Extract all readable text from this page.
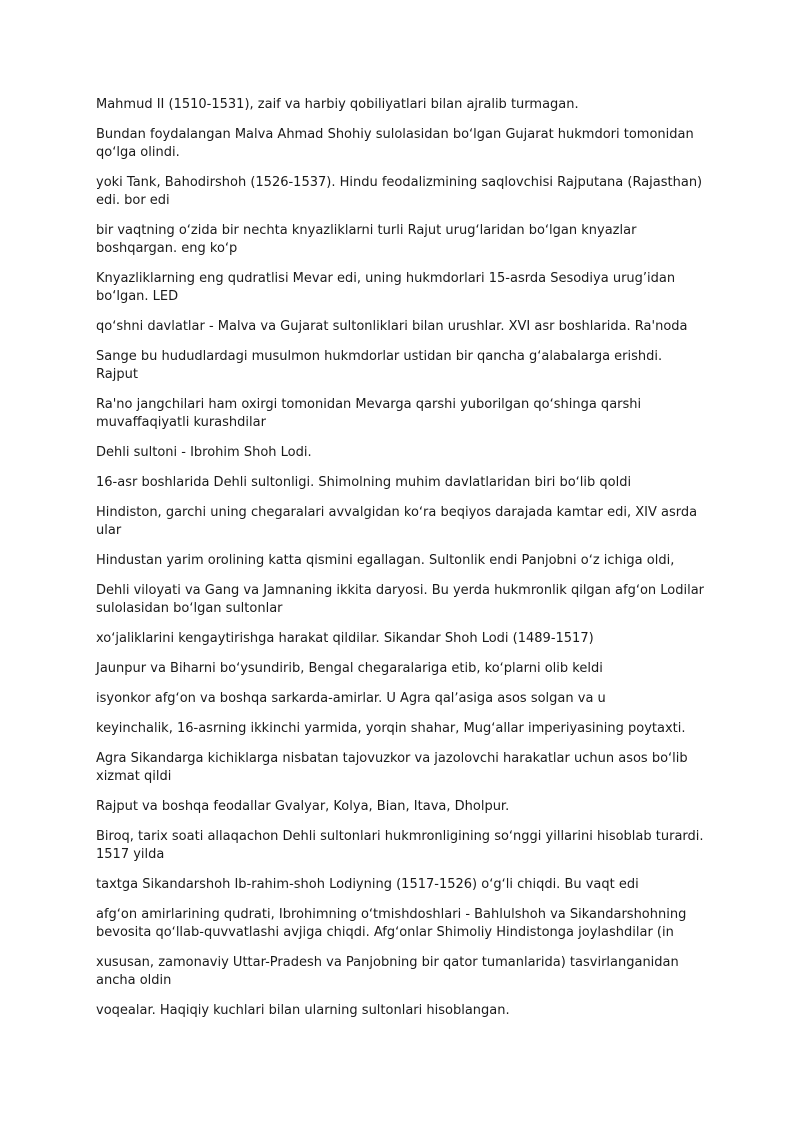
Mahmud II (1510-1531), zaif va harbiy qobiliyatlari bilan ajralib turmagan.

Bundan foydalangan Malva Ahmad Shohiy sulolasidan boʻlgan Gujarat hukmdori tomonidan qoʻlga olindi.

yoki Tank, Bahodirshoh (1526-1537). Hindu feodalizmining saqlovchisi Rajputana (Rajasthan) edi. bor edi

bir vaqtning oʻzida bir nechta knyazliklarni turli Rajut urugʻlaridan boʻlgan knyazlar boshqargan. eng koʻp

Knyazliklarning eng qudratlisi Mevar edi, uning hukmdorlari 15-asrda Sesodiya urug’idan bo‘lgan. LED

qoʻshni davlatlar - Malva va Gujarat sultonliklari bilan urushlar. XVI asr boshlarida. Ra'noda

Sange bu hududlardagi musulmon hukmdorlar ustidan bir qancha gʻalabalarga erishdi. Rajput

Ra'no jangchilari ham oxirgi tomonidan Mevarga qarshi yuborilgan qoʻshinga qarshi muvaffaqiyatli kurashdilar

Dehli sultoni - Ibrohim Shoh Lodi.

16-asr boshlarida Dehli sultonligi. Shimolning muhim davlatlaridan biri boʻlib qoldi

Hindiston, garchi uning chegaralari avvalgidan koʻra beqiyos darajada kamtar edi, XIV asrda ular

Hindustan yarim orolining katta qismini egallagan. Sultonlik endi Panjobni oʻz ichiga oldi,

Dehli viloyati va Gang va Jamnaning ikkita daryosi. Bu yerda hukmronlik qilgan afgʻon Lodilar sulolasidan boʻlgan sultonlar

xoʻjaliklarini kengaytirishga harakat qildilar. Sikandar Shoh Lodi (1489-1517)

Jaunpur va Biharni boʻysundirib, Bengal chegaralariga etib, koʻplarni olib keldi

isyonkor afgʻon va boshqa sarkarda-amirlar. U Agra qalʼasiga asos solgan va u

keyinchalik, 16-asrning ikkinchi yarmida, yorqin shahar, Mugʻallar imperiyasining poytaxti.

Agra Sikandarga kichiklarga nisbatan tajovuzkor va jazolovchi harakatlar uchun asos boʻlib xizmat qildi

Rajput va boshqa feodallar Gvalyar, Kolya, Bian, Itava, Dholpur.

Biroq, tarix soati allaqachon Dehli sultonlari hukmronligining soʻnggi yillarini hisoblab turardi. 1517 yilda

taxtga Sikandarshoh Ib-rahim-shoh Lodiyning (1517-1526) oʻgʻli chiqdi. Bu vaqt edi

afgʻon amirlarining qudrati, Ibrohimning oʻtmishdoshlari - Bahlulshoh va Sikandarshohning bevosita qoʻllab-quvvatlashi avjiga chiqdi. Afgʻonlar Shimoliy Hindistonga joylashdilar (in

xususan, zamonaviy Uttar-Pradesh va Panjobning bir qator tumanlarida) tasvirlanganidan ancha oldin

voqealar. Haqiqiy kuchlari bilan ularning sultonlari hisoblangan.
